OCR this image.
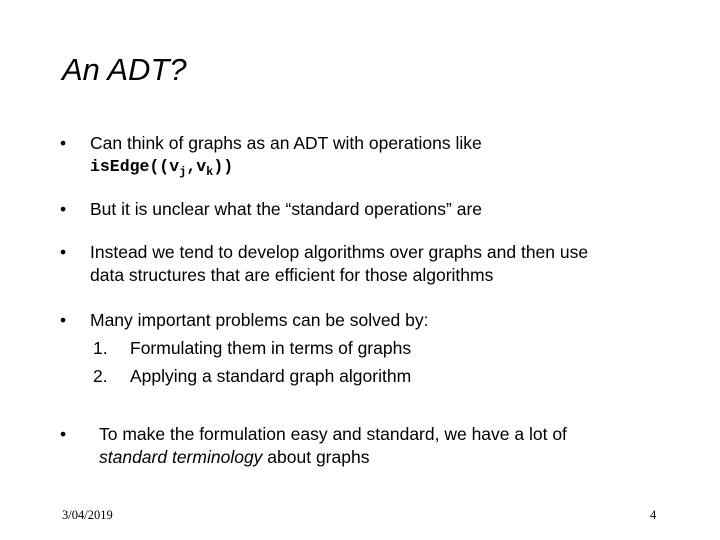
An ADT?
• Can think of graphs as an ADT with operations like
$isEdge((v_j,v_k))$
• But it is unclear what the “standard operations” are
• Instead we tend to develop algorithms over graphs and then use
data structures that are efficient for those algorithms
• Many important problems can be solved by:
1. Formulating them in terms of graphs
2. Applying a standard graph algorithm
• To make the formulation easy and standard, we have a lot of
standard terminology about graphs
3/04/2019	4
